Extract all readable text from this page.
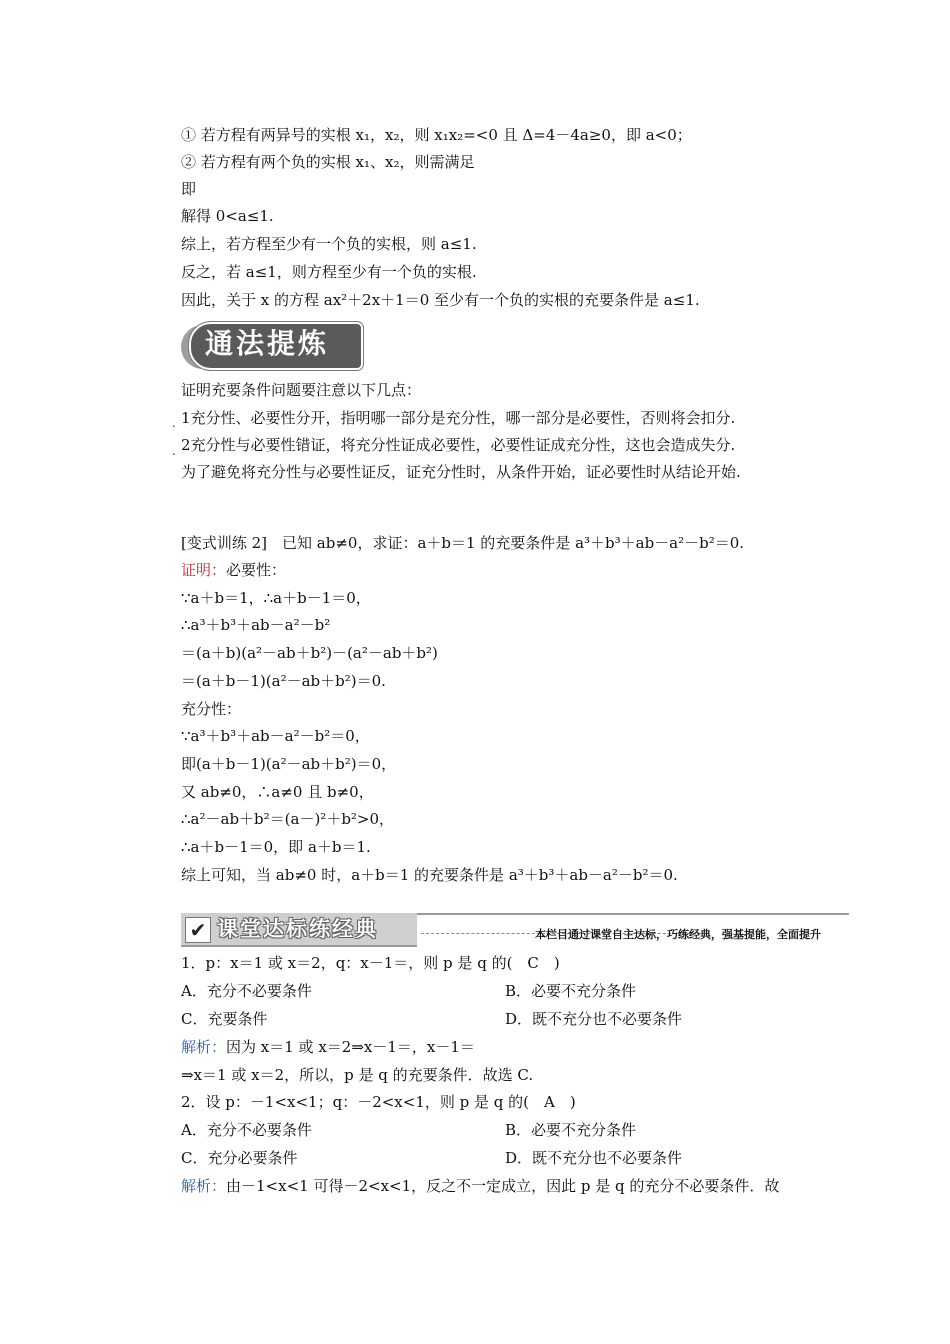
① 若方程有两异号的实根 x₁，x₂，则 x₁x₂=<0 且 Δ=4－4a≥0，即 a<0；
② 若方程有两个负的实根 x₁、x₂，则需满足
即
解得 0<a≤1.
综上，若方程至少有一个负的实根，则 a≤1.
反之，若 a≤1，则方程至少有一个负的实根.
因此，关于 x 的方程 ax²＋2x＋1＝0 至少有一个负的实根的充要条件是 a≤1.
通法提炼
证明充要条件问题要注意以下几点：
. 1充分性、必要性分开，指明哪一部分是充分性，哪一部分是必要性，否则将会扣分.
. 2充分性与必要性错证，将充分性证成必要性，必要性证成充分性，这也会造成失分.
为了避免将充分性与必要性证反，证充分性时，从条件开始，证必要性时从结论开始.
[变式训练 2]　已知 ab≠0，求证：a＋b＝1 的充要条件是 a³＋b³＋ab－a²－b²＝0.
证明：必要性：
∵a＋b＝1，∴a＋b－1＝0，
∴a³＋b³＋ab－a²－b²
＝(a＋b)(a²－ab＋b²)－(a²－ab＋b²)
＝(a＋b－1)(a²－ab＋b²)＝0.
充分性：
∵a³＋b³＋ab－a²－b²＝0，
即(a＋b－1)(a²－ab＋b²)＝0，
又 ab≠0，∴a≠0 且 b≠0，
∴a²－ab＋b²＝(a－)²＋b²>0，
∴a＋b－1＝0，即 a＋b＝1.
综上可知，当 ab≠0 时，a＋b＝1 的充要条件是 a³＋b³＋ab－a²－b²＝0.
✔ 课堂达标练经典	本栏目通过课堂自主达标，巧练经典，强基提能，全面提升
1．p：x＝1 或 x＝2，q：x－1＝，则 p 是 q 的(　C　)
A．充分不必要条件	B．必要不充分条件
C．充要条件	D．既不充分也不必要条件
解析：因为 x＝1 或 x＝2⇒x－1＝，x－1＝
⇒x＝1 或 x＝2，所以，p 是 q 的充要条件．故选 C.
2．设 p：－1<x<1；q：－2<x<1，则 p 是 q 的(　A　)
A．充分不必要条件	B．必要不充分条件
C．充分必要条件	D．既不充分也不必要条件
解析：由－1<x<1 可得－2<x<1，反之不一定成立，因此 p 是 q 的充分不必要条件．故
